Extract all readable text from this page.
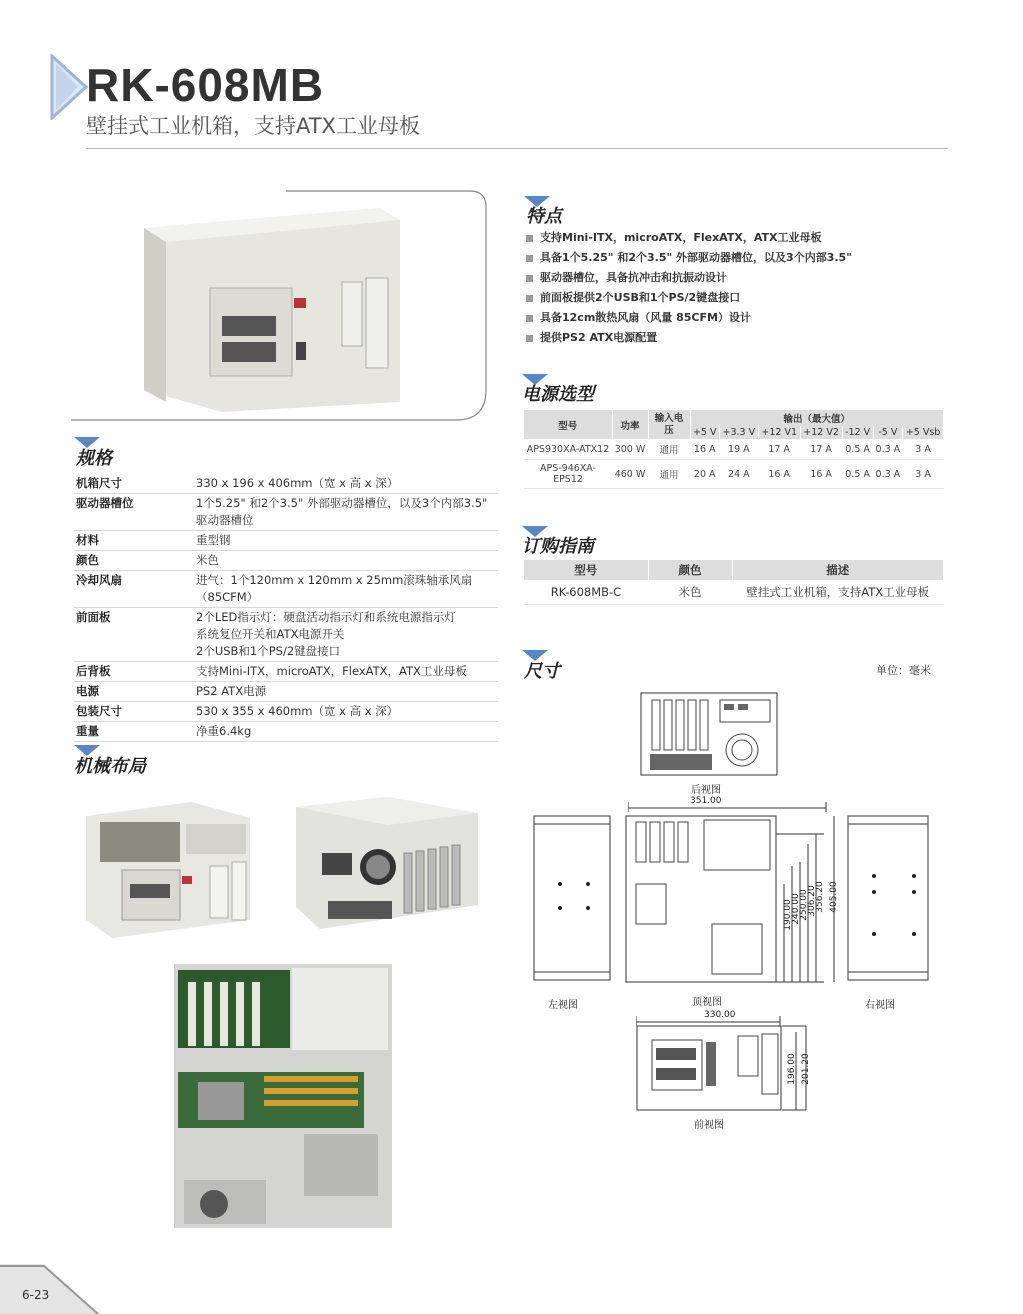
RK-608MB
壁挂式工业机箱，支持ATX工业母板
规格
机箱尺寸	330 x 196 x 406mm（宽 x 高 x 深）

驱动器槽位	1个5.25" 和2个3.5" 外部驱动器槽位，以及3个内部3.5"
驱动器槽位

材料	重型钢

颜色	米色

冷却风扇	进气：1个120mm x 120mm x 25mm滚珠轴承风扇（85CFM）

前面板	2个LED指示灯：硬盘活动指示灯和系统电源指示灯
系统复位开关和ATX电源开关
2个USB和1个PS/2键盘接口

后背板	支持Mini-ITX，microATX，FlexATX，ATX工业母板

电源	PS2 ATX电源

包装尺寸	530 x 355 x 460mm（宽 x 高 x 深）

重量	净重6.4kg
机械布局
特点
支持Mini-ITX，microATX，FlexATX，ATX工业母板
具备1个5.25" 和2个3.5" 外部驱动器槽位，以及3个内部3.5"
驱动器槽位，具备抗冲击和抗振动设计
前面板提供2个USB和1个PS/2键盘接口
具备12cm散热风扇（风量 85CFM）设计
提供PS2 ATX电源配置
电源选型
型号	功率	输入电压	输出（最大值）						
			+5 V	+3.3 V	+12 V1	+12 V2	-12 V	-5 V	+5 Vsb
APS930XA-ATX12	300 W	通用	16 A	19 A	17 A	17 A	0.5 A	0.3 A	3 A
APS-946XA-EPS12	460 W	通用	20 A	24 A	16 A	16 A	0.5 A	0.3 A	3 A
订购指南
型号	颜色	描述
RK-608MB-C	米色	壁挂式工业机箱，支持ATX工业母板
尺寸	单位：毫米
后视图
351.00
左视图
190.00
240.00
250.00
306.20
356.20 405.00
顶视图	右视图
330.00
196.00 201.20
前视图
6-23
